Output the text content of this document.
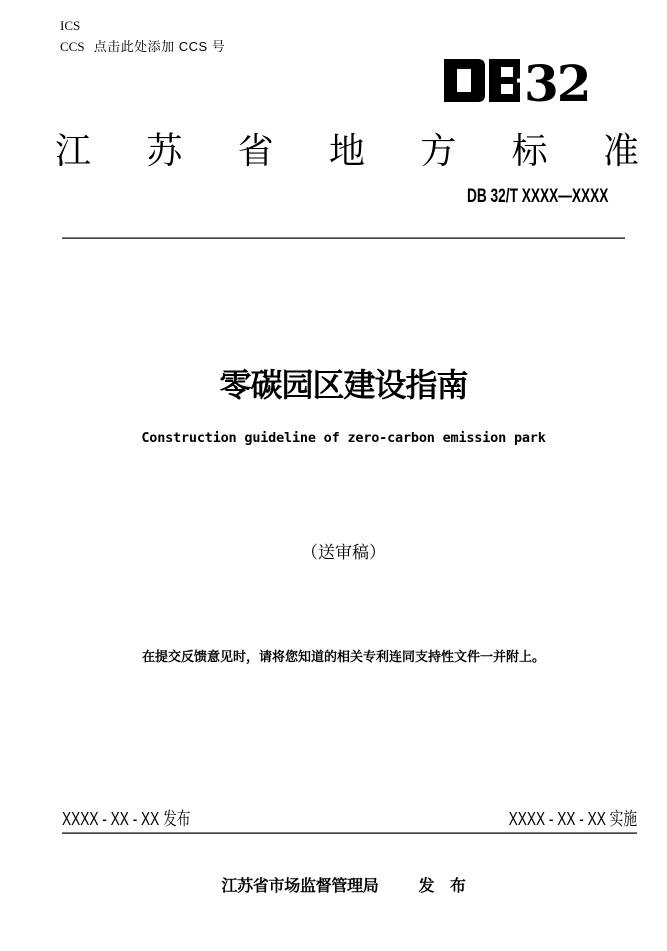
ICS
CCS 点击此处添加 CCS 号
32
江苏省地方标准
DB 32/T XXXX—XXXX
零碳园区建设指南
Construction guideline of zero-carbon emission park
（送审稿）
在提交反馈意见时，请将您知道的相关专利连同支持性文件一并附上。
XXXX - XX - XX 发布	XXXX - XX - XX 实施
江苏省市场监督管理局	发　布
